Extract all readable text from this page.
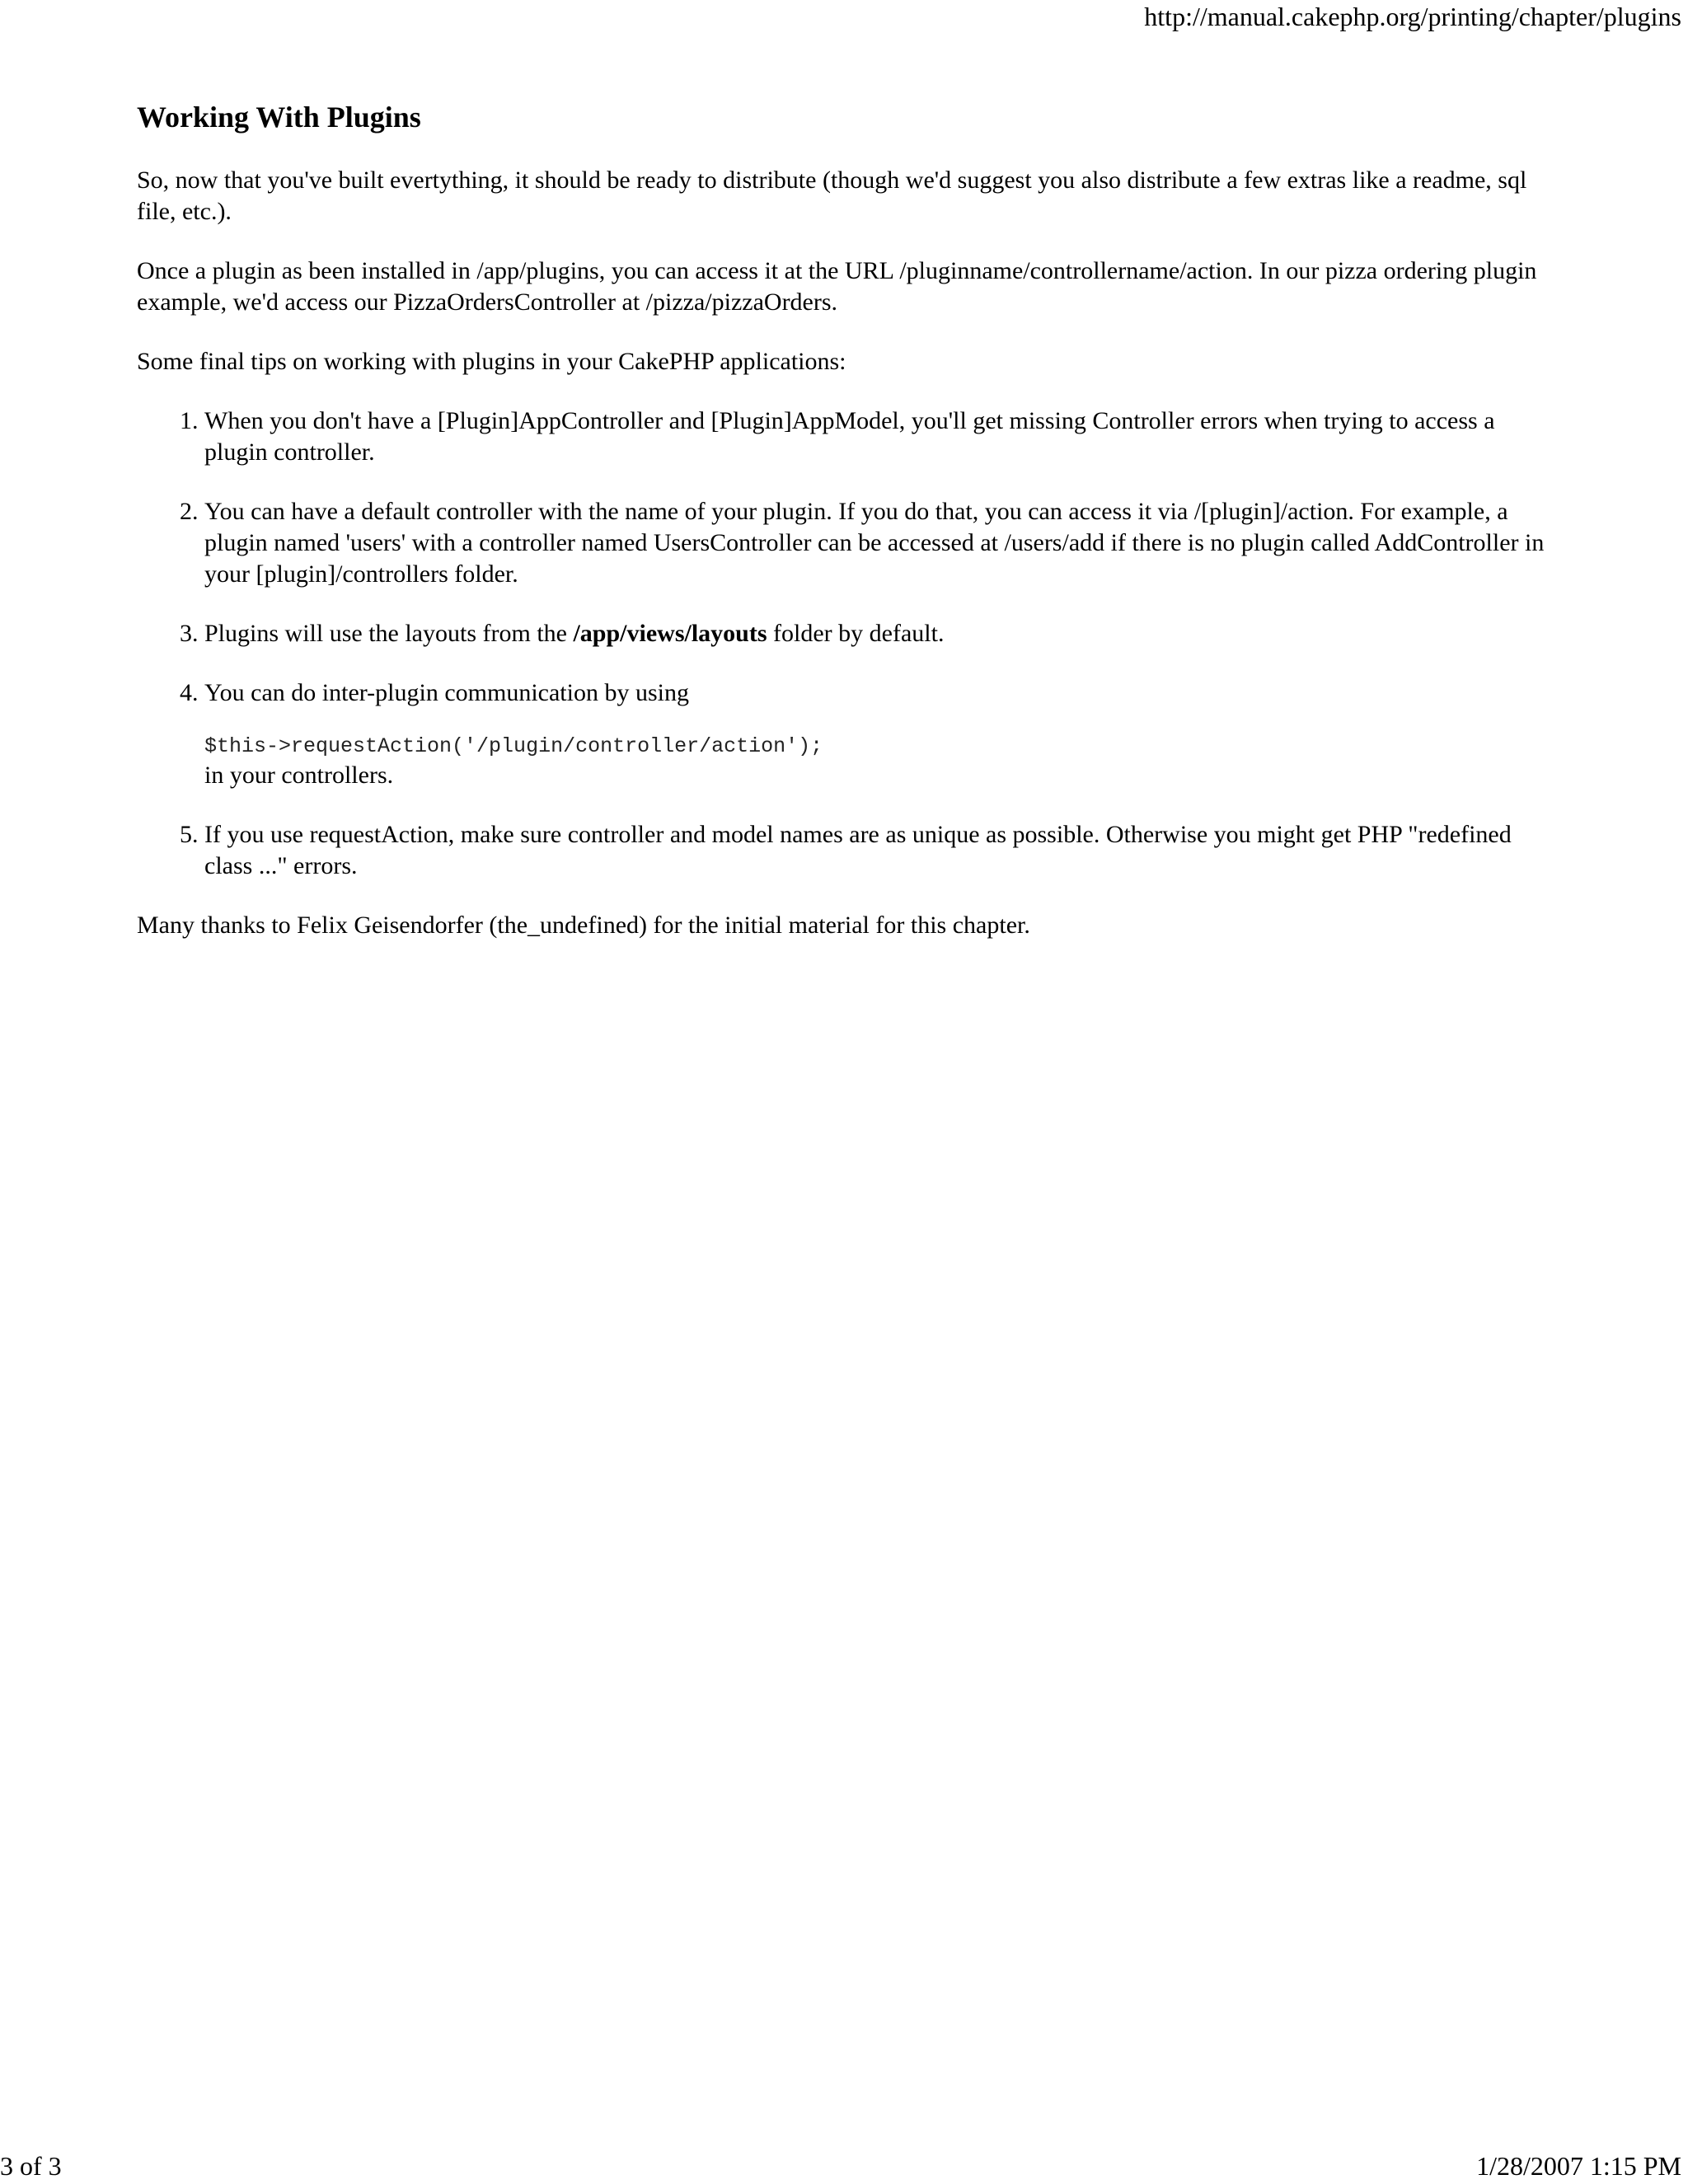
http://manual.cakephp.org/printing/chapter/plugins
Working With Plugins

So, now that you've built evertything, it should be ready to distribute (though we'd suggest you also distribute a few extras like a readme, sql file, etc.).

Once a plugin as been installed in /app/plugins, you can access it at the URL /pluginname/controllername/action. In our pizza ordering plugin example, we'd access our PizzaOrdersController at /pizza/pizzaOrders.

Some final tips on working with plugins in your CakePHP applications:

1. When you don't have a [Plugin]AppController and [Plugin]AppModel, you'll get missing Controller errors when trying to access a plugin controller.
2. You can have a default controller with the name of your plugin. If you do that, you can access it via /[plugin]/action. For example, a plugin named 'users' with a controller named UsersController can be accessed at /users/add if there is no plugin called AddController in your [plugin]/controllers folder.
3. Plugins will use the layouts from the /app/views/layouts folder by default.
4. You can do inter-plugin communication by using
$this->requestAction('/plugin/controller/action');
in your controllers.
5. If you use requestAction, make sure controller and model names are as unique as possible. Otherwise you might get PHP "redefined class ..." errors.

Many thanks to Felix Geisendorfer (the_undefined) for the initial material for this chapter.

3 of 3	1/28/2007 1:15 PM
